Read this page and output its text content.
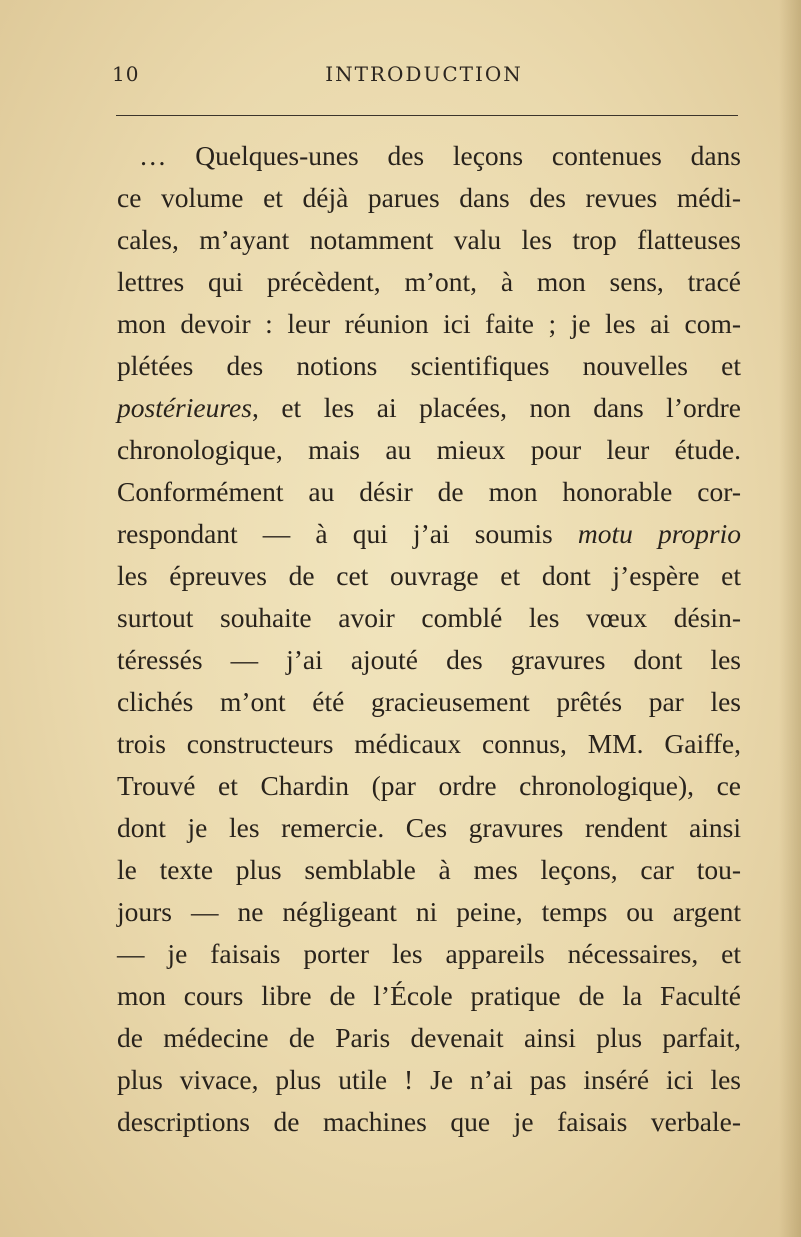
10	INTRODUCTION
… Quelques-unes des leçons contenues dans
ce volume et déjà parues dans des revues médi-
cales, m’ayant notamment valu les trop flatteuses
lettres qui précèdent, m’ont, à mon sens, tracé
mon devoir : leur réunion ici faite ; je les ai com-
plétées des notions scientifiques nouvelles et
postérieures, et les ai placées, non dans l’ordre
chronologique, mais au mieux pour leur étude.
Conformément au désir de mon honorable cor-
respondant — à qui j’ai soumis motu proprio
les épreuves de cet ouvrage et dont j’espère et
surtout souhaite avoir comblé les vœux désin-
téressés — j’ai ajouté des gravures dont les
clichés m’ont été gracieusement prêtés par les
trois constructeurs médicaux connus, MM. Gaiffe,
Trouvé et Chardin (par ordre chronologique), ce
dont je les remercie. Ces gravures rendent ainsi
le texte plus semblable à mes leçons, car tou-
jours — ne négligeant ni peine, temps ou argent
— je faisais porter les appareils nécessaires, et
mon cours libre de l’École pratique de la Faculté
de médecine de Paris devenait ainsi plus parfait,
plus vivace, plus utile ! Je n’ai pas inséré ici les
descriptions de machines que je faisais verbale-
